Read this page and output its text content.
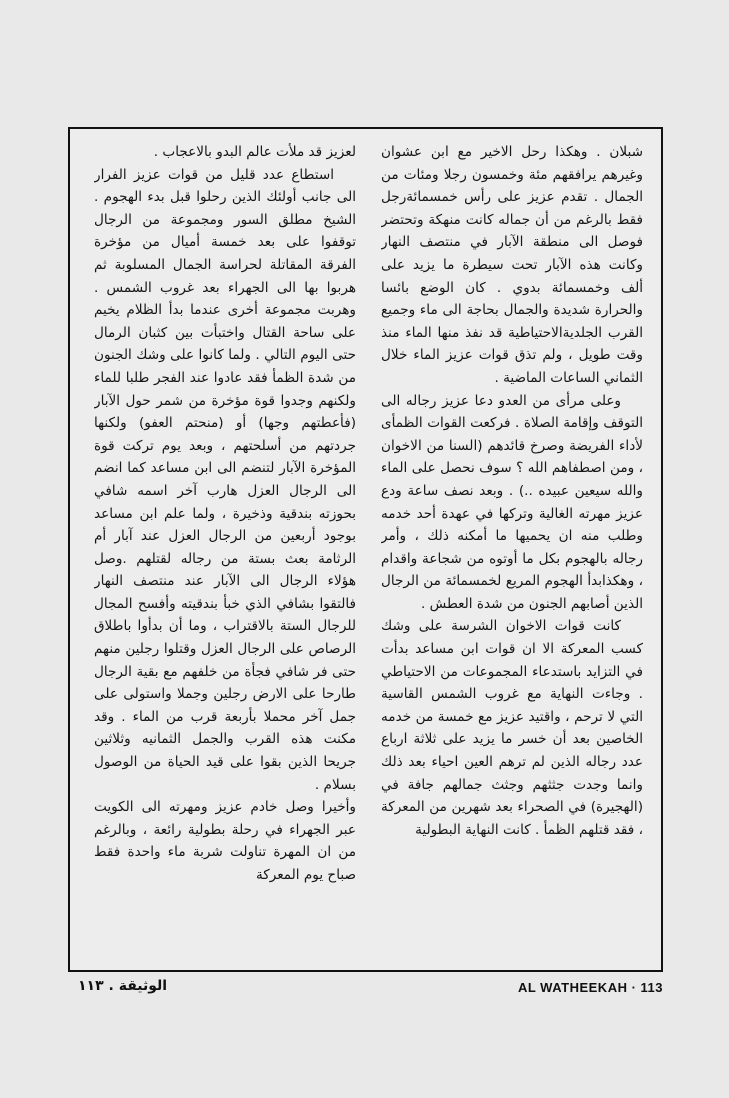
شبلان . وهكذا رحل الاخير مع ابن عشوان وغيرهم يرافقهم مئة وخمسون رجلا ومئات من الجمال . تقدم عزيز على رأس خمسمائةرجل فقط بالرغم من أن جماله كانت منهكة وتحتضر فوصل الى منطقة الآبار في منتصف النهار وكانت هذه الآبار تحت سيطرة ما يزيد على ألف وخمسمائة بدوي . كان الوضع بائسا والحرارة شديدة والجمال بحاجة الى ماء وجميع القرب الجلديةالاحتياطية قد نفذ منها الماء منذ وقت طويل ، ولم تذق قوات عزيز الماء خلال الثماني الساعات الماضية .

وعلى مرأى من العدو دعا عزيز رجاله الى التوقف وإقامة الصلاة . فركعت القوات الظمأى لأداء الفريضة وصرخ قائدهم (السنا من الاخوان ، ومن اصطفاهم الله ؟ سوف نحصل على الماء والله سيعين عبيده ..) . وبعد نصف ساعة ودع عزيز مهرته الغالية وتركها في عهدة أحد خدمه وطلب منه ان يحميها ما أمكنه ذلك ، وأمر رجاله بالهجوم بكل ما أوتوه من شجاعة واقدام ، وهكذابدأ الهجوم المريع لخمسمائة من الرجال الذين أصابهم الجنون من شدة العطش .

كانت قوات الاخوان الشرسة على وشك كسب المعركة الا ان قوات ابن مساعد بدأت في التزايد باستدعاء المجموعات من الاحتياطي . وجاءت النهاية مع غروب الشمس القاسية التي لا ترحم ، واقتيد عزيز مع خمسة من خدمه الخاصين بعد أن خسر ما يزيد على ثلاثة ارباع عدد رجاله الذين لم ترهم العين احياء بعد ذلك وانما وجدت جثثهم وجثث جمالهم جافة في (الهجيرة) في الصحراء بعد شهرين من المعركة ، فقد قتلهم الظمأ . كانت النهاية البطولية

لعزيز قد ملأت عالم البدو بالاعجاب .

استطاع عدد قليل من قوات عزيز الفرار الى جانب أولئك الذين رحلوا قبل بدء الهجوم . الشيخ مطلق السور ومجموعة من الرجال توقفوا على بعد خمسة أميال من مؤخرة الفرقة المقاتلة لحراسة الجمال المسلوبة ثم هربوا بها الى الجهراء بعد غروب الشمس . وهربت مجموعة أخرى عندما بدأ الظلام يخيم على ساحة القتال واختبأت بين كثبان الرمال حتى اليوم التالي . ولما كانوا على وشك الجنون من شدة الظمأ فقد عادوا عند الفجر طلبا للماء ولكنهم وجدوا قوة مؤخرة من شمر حول الآبار (فأعطتهم وجها) أو (منحتم العفو) ولكنها جردتهم من أسلحتهم ، وبعد يوم تركت قوة المؤخرة الآبار لتنضم الى ابن مساعد كما انضم الى الرجال العزل هارب آخر اسمه شافي بحوزته بندقية وذخيرة ، ولما علم ابن مساعد بوجود أربعين من الرجال العزل عند آبار أم الرثامة بعث بستة من رجاله لقتلهم .وصل هؤلاء الرجال الى الآبار عند منتصف النهار فالتقوا بشافي الذي خبأ بندقيته وأفسح المجال للرجال الستة بالاقتراب ، وما أن بدأوا باطلاق الرصاص على الرجال العزل وقتلوا رجلين منهم حتى فر شافي فجأة من خلفهم مع بقية الرجال طارحا على الارض رجلين وجملا واستولى على جمل آخر محملا بأربعة قرب من الماء . وقد مكنت هذه القرب والجمل الثمانيه وثلاثين جريحا الذين بقوا على قيد الحياة من الوصول بسلام .

وأخيرا وصل خادم عزيز ومهرته الى الكويت عبر الجهراء في رحلة بطولية رائعة ، وبالرغم من ان المهرة تناولت شربة ماء واحدة فقط صباح يوم المعركة

الوثيقة . ١١٣	AL WATHEEKAH · 113
